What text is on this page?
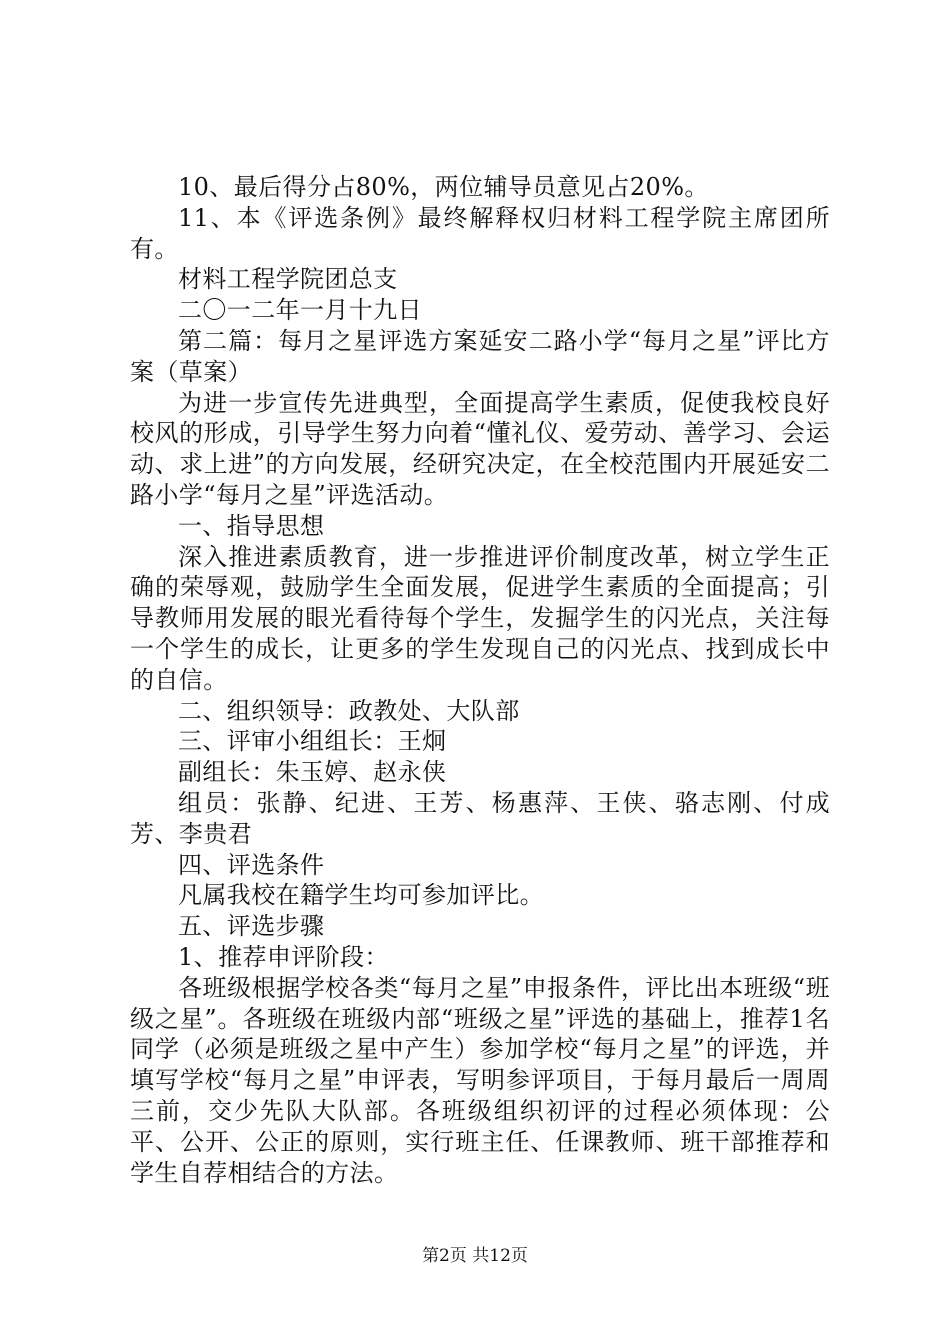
10、最后得分占80%，两位辅导员意见占20%。

11、本《评选条例》最终解释权归材料工程学院主席团所有。

材料工程学院团总支

二〇一二年一月十九日

第二篇：每月之星评选方案延安二路小学“每月之星”评比方案（草案）

为进一步宣传先进典型，全面提高学生素质，促使我校良好校风的形成，引导学生努力向着“懂礼仪、爱劳动、善学习、会运动、求上进”的方向发展，经研究决定，在全校范围内开展延安二路小学“每月之星”评选活动。

一、指导思想

深入推进素质教育，进一步推进评价制度改革，树立学生正确的荣辱观，鼓励学生全面发展，促进学生素质的全面提高；引导教师用发展的眼光看待每个学生，发掘学生的闪光点，关注每一个学生的成长，让更多的学生发现自己的闪光点、找到成长中的自信。

二、组织领导：政教处、大队部

三、评审小组组长：王炯

副组长：朱玉婷、赵永侠

组员：张静、纪进、王芳、杨惠萍、王侠、骆志刚、付成芳、李贵君

四、评选条件

凡属我校在籍学生均可参加评比。

五、评选步骤

1、推荐申评阶段：

各班级根据学校各类“每月之星”申报条件，评比出本班级“班级之星”。各班级在班级内部“班级之星”评选的基础上，推荐1名同学（必须是班级之星中产生）参加学校“每月之星”的评选，并填写学校“每月之星”申评表，写明参评项目，于每月最后一周周三前，交少先队大队部。各班级组织初评的过程必须体现：公平、公开、公正的原则，实行班主任、任课教师、班干部推荐和学生自荐相结合的方法。

第2页 共12页
